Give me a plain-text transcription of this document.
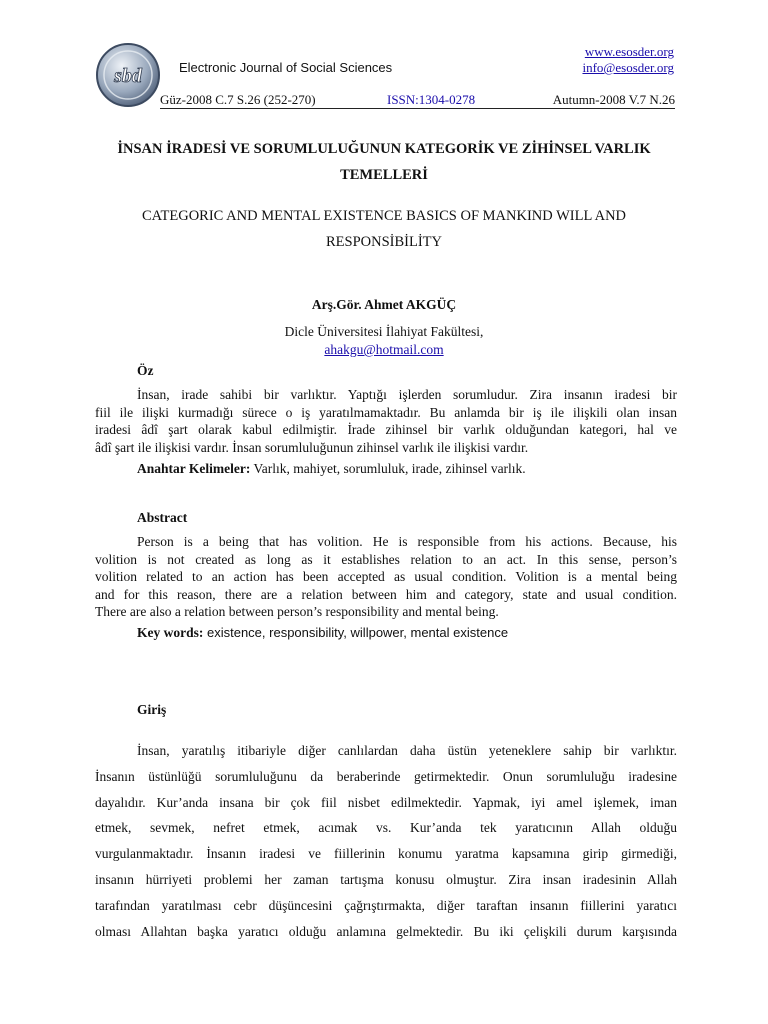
sbd	Electronic Journal of Social Sciences
www.esosder.org
info@esosder.org
Güz-2008 C.7 S.26 (252-270)	ISSN:1304-0278	Autumn-2008 V.7 N.26
İNSAN İRADESİ VE SORUMLULUĞUNUN KATEGORİK VE ZİHİNSEL VARLIK
TEMELLERİ
CATEGORIC AND MENTAL EXISTENCE BASICS OF MANKIND WILL AND
RESPONSİBİLİTY
Arş.Gör. Ahmet AKGÜÇ
Dicle Üniversitesi İlahiyat Fakültesi,
ahakgu@hotmail.com
Öz
İnsan, irade sahibi bir varlıktır. Yaptığı işlerden sorumludur. Zira insanın iradesi bir
fiil ile ilişki kurmadığı sürece o iş yaratılmamaktadır. Bu anlamda bir iş ile ilişkili olan insan
iradesi âdî şart olarak kabul edilmiştir. İrade zihinsel bir varlık olduğundan kategori, hal ve
âdî şart ile ilişkisi vardır. İnsan sorumluluğunun zihinsel varlık ile ilişkisi vardır.
Anahtar Kelimeler: Varlık, mahiyet, sorumluluk, irade, zihinsel varlık.
Abstract
Person is a being that has volition. He is responsible from his actions. Because, his
volition is not created as long as it establishes relation to an act. In this sense, person’s
volition related to an action has been accepted as usual condition. Volition is a mental being
and for this reason, there are a relation between him and category, state and usual condition.
There are also a relation between person’s responsibility and mental being.
Key words: existence, responsibility, willpower, mental existence
Giriş
İnsan, yaratılış itibariyle diğer canlılardan daha üstün yeteneklere sahip bir varlıktır.
İnsanın üstünlüğü sorumluluğunu da beraberinde getirmektedir. Onun sorumluluğu iradesine
dayalıdır. Kur’anda insana bir çok fiil nisbet edilmektedir. Yapmak, iyi amel işlemek, iman
etmek, sevmek, nefret etmek, acımak vs. Kur’anda tek yaratıcının Allah olduğu
vurgulanmaktadır. İnsanın iradesi ve fiillerinin konumu yaratma kapsamına girip girmediği,
insanın hürriyeti problemi her zaman tartışma konusu olmuştur. Zira insan iradesinin Allah
tarafından yaratılması cebr düşüncesini çağrıştırmakta, diğer taraftan insanın fiillerini yaratıcı
olması Allahtan başka yaratıcı olduğu anlamına gelmektedir. Bu iki çelişkili durum karşısında
